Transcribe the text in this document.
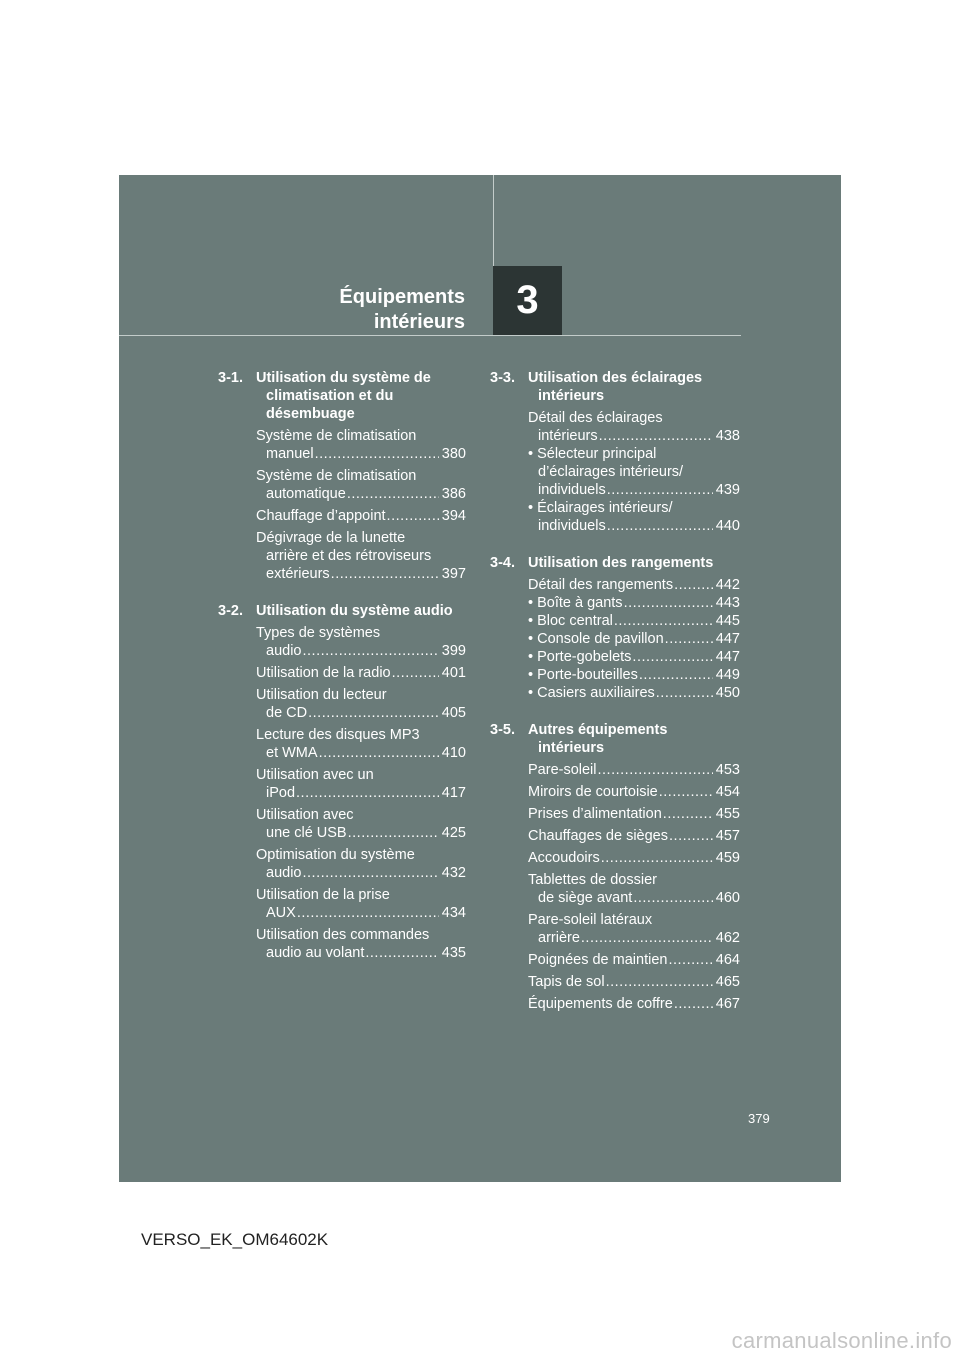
Équipements
intérieurs 3
3-1. Utilisation du système de
climatisation et du
désembuage
Système de climatisation
manuel .....	380
Système de climatisation
automatique .....	386
Chauffage d’appoint .....	394
Dégivrage de la lunette
arrière et des rétroviseurs
extérieurs .....	397
3-2. Utilisation du système audio
Types de systèmes
audio .....	399
Utilisation de la radio .....	401
Utilisation du lecteur
de CD .....	405
Lecture des disques MP3
et WMA .....	410
Utilisation avec un
iPod .....	417
Utilisation avec
une clé USB .....	425
Optimisation du système
audio .....	432
Utilisation de la prise
AUX .....	434
Utilisation des commandes
audio au volant .....	435
3-3. Utilisation des éclairages
intérieurs
Détail des éclairages
intérieurs .....	438
• Sélecteur principal
d’éclairages intérieurs/
individuels .....	439
• Éclairages intérieurs/
individuels .....	440
3-4. Utilisation des rangements
Détail des rangements .....	442
• Boîte à gants .....	443
• Bloc central .....	445
• Console de pavillon .....	447
• Porte-gobelets .....	447
• Porte-bouteilles .....	449
• Casiers auxiliaires .....	450
3-5. Autres équipements
intérieurs
Pare-soleil .....	453
Miroirs de courtoisie .....	454
Prises d’alimentation .....	455
Chauffages de sièges .....	457
Accoudoirs .....	459
Tablettes de dossier
de siège avant .....	460
Pare-soleil latéraux
arrière .....	462
Poignées de maintien .....	464
Tapis de sol .....	465
Équipements de coffre .....	467
379
VERSO_EK_OM64602K
carmanualsonline.info
